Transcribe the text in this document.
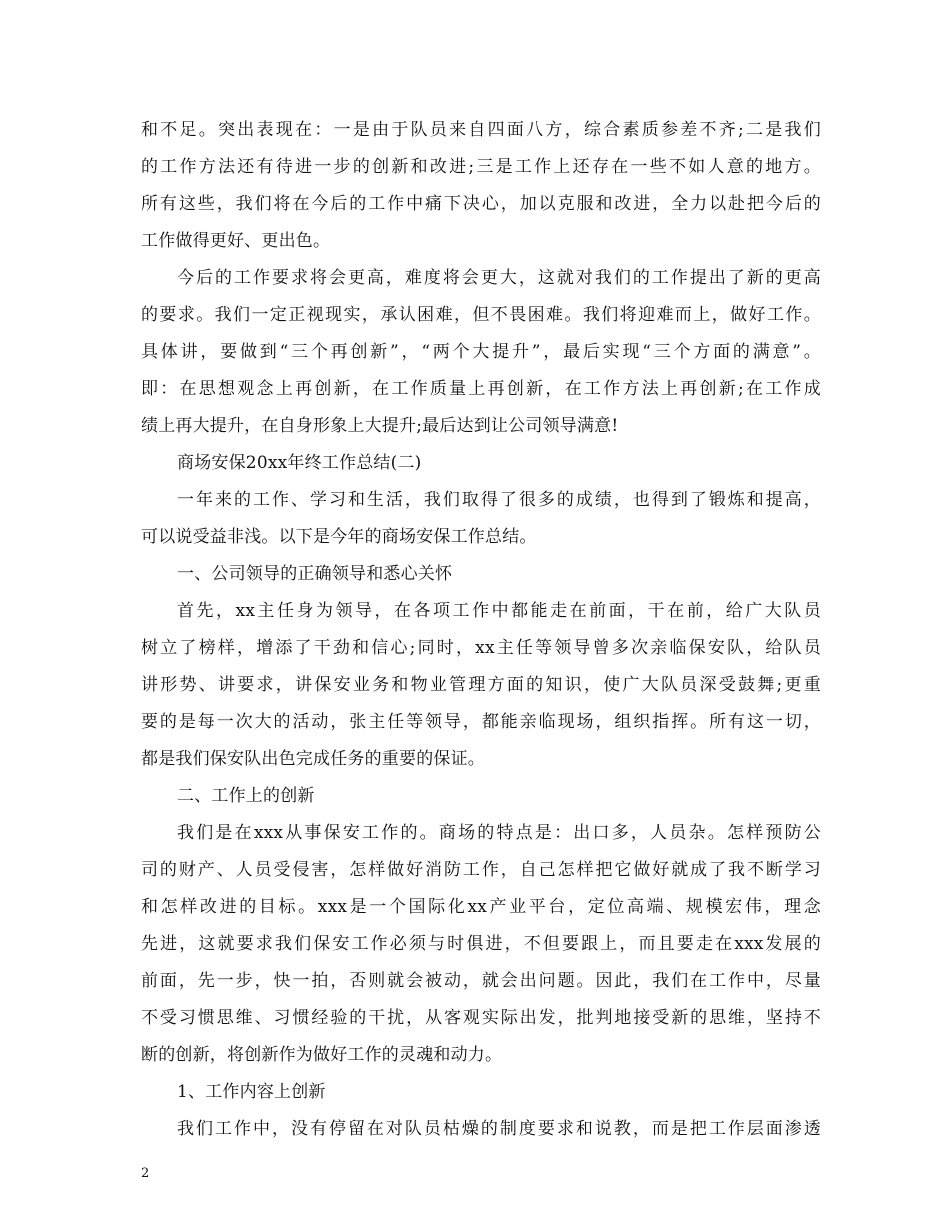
和不足。突出表现在：一是由于队员来自四面八方，综合素质参差不齐;二是我们
的工作方法还有待进一步的创新和改进;三是工作上还存在一些不如人意的地方。
所有这些，我们将在今后的工作中痛下决心，加以克服和改进，全力以赴把今后的
工作做得更好、更出色。
今后的工作要求将会更高，难度将会更大，这就对我们的工作提出了新的更高
的要求。我们一定正视现实，承认困难，但不畏困难。我们将迎难而上，做好工作。
具体讲，要做到“三个再创新”，“两个大提升”，最后实现“三个方面的满意”。
即：在思想观念上再创新，在工作质量上再创新，在工作方法上再创新;在工作成
绩上再大提升，在自身形象上大提升;最后达到让公司领导满意!
商场安保20xx年终工作总结(二)
一年来的工作、学习和生活，我们取得了很多的成绩，也得到了锻炼和提高，
可以说受益非浅。以下是今年的商场安保工作总结。
一、公司领导的正确领导和悉心关怀
首先，xx主任身为领导，在各项工作中都能走在前面，干在前，给广大队员
树立了榜样，增添了干劲和信心;同时，xx主任等领导曾多次亲临保安队，给队员
讲形势、讲要求，讲保安业务和物业管理方面的知识，使广大队员深受鼓舞;更重
要的是每一次大的活动，张主任等领导，都能亲临现场，组织指挥。所有这一切，
都是我们保安队出色完成任务的重要的保证。
二、工作上的创新
我们是在xxx从事保安工作的。商场的特点是：出口多，人员杂。怎样预防公
司的财产、人员受侵害，怎样做好消防工作，自己怎样把它做好就成了我不断学习
和怎样改进的目标。xxx是一个国际化xx产业平台，定位高端、规模宏伟，理念
先进，这就要求我们保安工作必须与时俱进，不但要跟上，而且要走在xxx发展的
前面，先一步，快一拍，否则就会被动，就会出问题。因此，我们在工作中，尽量
不受习惯思维、习惯经验的干扰，从客观实际出发，批判地接受新的思维，坚持不
断的创新，将创新作为做好工作的灵魂和动力。
1、工作内容上创新
我们工作中，没有停留在对队员枯燥的制度要求和说教，而是把工作层面渗透
2
